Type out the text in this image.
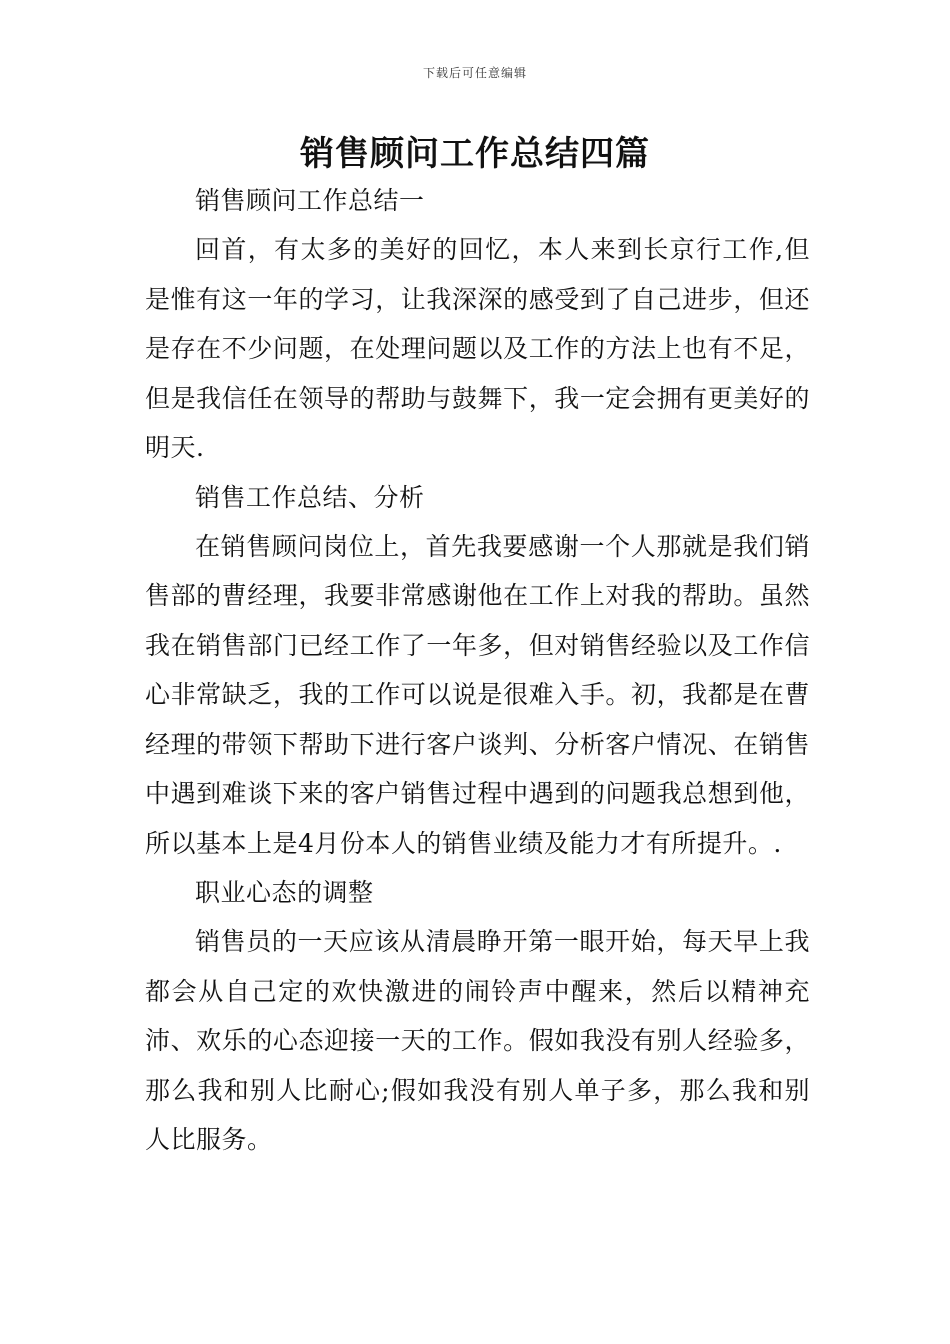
下载后可任意编辑
销售顾问工作总结四篇

销售顾问工作总结一

回首，有太多的美好的回忆，本人来到长京行工作,但是惟有这一年的学习，让我深深的感受到了自己进步，但还是存在不少问题，在处理问题以及工作的方法上也有不足，但是我信任在领导的帮助与鼓舞下，我一定会拥有更美好的明天.

销售工作总结、分析

在销售顾问岗位上，首先我要感谢一个人那就是我们销售部的曹经理，我要非常感谢他在工作上对我的帮助。虽然我在销售部门已经工作了一年多，但对销售经验以及工作信心非常缺乏，我的工作可以说是很难入手。初，我都是在曹经理的带领下帮助下进行客户谈判、分析客户情况、在销售中遇到难谈下来的客户销售过程中遇到的问题我总想到他，所以基本上是4月份本人的销售业绩及能力才有所提升。.

职业心态的调整

销售员的一天应该从清晨睁开第一眼开始，每天早上我都会从自己定的欢快激进的闹铃声中醒来，然后以精神充沛、欢乐的心态迎接一天的工作。假如我没有别人经验多，那么我和别人比耐心;假如我没有别人单子多，那么我和别人比服务。
